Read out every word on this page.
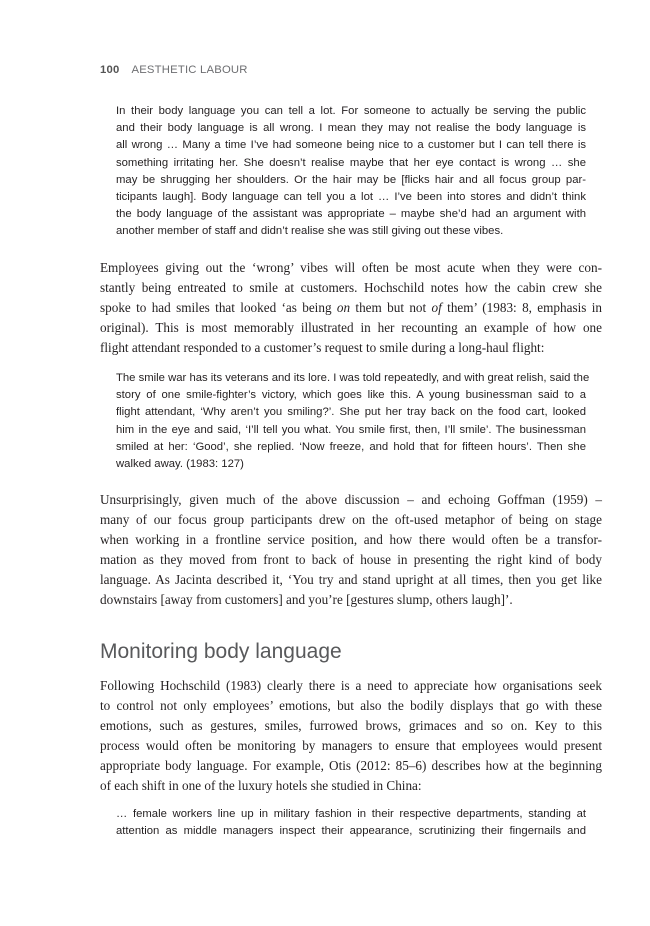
100 AESTHETIC LABOUR
In their body language you can tell a lot. For someone to actually be serving the public
and their body language is all wrong. I mean they may not realise the body language is
all wrong … Many a time I’ve had someone being nice to a customer but I can tell there is
something irritating her. She doesn’t realise maybe that her eye contact is wrong … she
may be shrugging her shoulders. Or the hair may be [flicks hair and all focus group par-
ticipants laugh]. Body language can tell you a lot … I’ve been into stores and didn’t think
the body language of the assistant was appropriate – maybe she’d had an argument with
another member of staff and didn’t realise she was still giving out these vibes.
Employees giving out the ‘wrong’ vibes will often be most acute when they were con-
stantly being entreated to smile at customers. Hochschild notes how the cabin crew she
spoke to had smiles that looked ‘as being on them but not of them’ (1983: 8, emphasis in
original). This is most memorably illustrated in her recounting an example of how one
flight attendant responded to a customer’s request to smile during a long-haul flight:
The smile war has its veterans and its lore. I was told repeatedly, and with great relish, said the
story of one smile-fighter’s victory, which goes like this. A young businessman said to a
flight attendant, ‘Why aren’t you smiling?’. She put her tray back on the food cart, looked
him in the eye and said, ‘I’ll tell you what. You smile first, then, I’ll smile’. The businessman
smiled at her: ‘Good’, she replied. ‘Now freeze, and hold that for fifteen hours’. Then she
walked away. (1983: 127)
Unsurprisingly, given much of the above discussion – and echoing Goffman (1959) –
many of our focus group participants drew on the oft-used metaphor of being on stage
when working in a frontline service position, and how there would often be a transfor-
mation as they moved from front to back of house in presenting the right kind of body
language. As Jacinta described it, ‘You try and stand upright at all times, then you get like
downstairs [away from customers] and you’re [gestures slump, others laugh]’.
Monitoring body language
Following Hochschild (1983) clearly there is a need to appreciate how organisations seek
to control not only employees’ emotions, but also the bodily displays that go with these
emotions, such as gestures, smiles, furrowed brows, grimaces and so on. Key to this
process would often be monitoring by managers to ensure that employees would present
appropriate body language. For example, Otis (2012: 85–6) describes how at the beginning
of each shift in one of the luxury hotels she studied in China:
… female workers line up in military fashion in their respective departments, standing at
attention as middle managers inspect their appearance, scrutinizing their fingernails and
